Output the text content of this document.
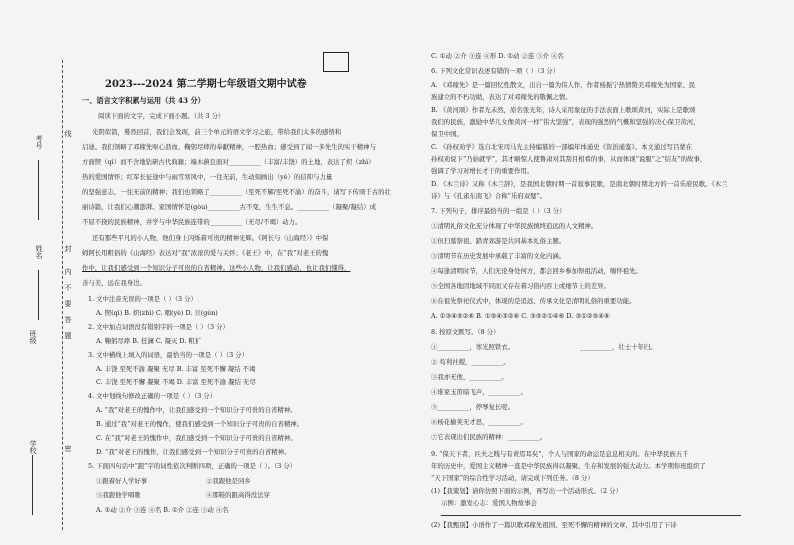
考号
姓名
班级
学校
线
封
内
不
要
答
题
密
2023---2024 第二学期七年级语文期中试卷
一、语言文字积累与运用（共 43 分）
阅读下面的文字，完成下面小题。（共 3 分）
光阴似箭，蓦然回首，我们会发现，前三个单元的语文学习之旅，带给我们太多的感悟和
启迪。我们领略了邓稼先呕心沥血、鞠躬尽瘁的奉献精神，一腔热血；感受到了闻一多先生的实干精神与
方面锲（qì）而不舍地钻研古代典籍；端木蕻良面对__________（丰富/丰饶）的土地，表达了炽（zhì）
热的爱国情怀；红军长征途中与雨雪寒风中，一往无前，生动刻画出（yè）的信仰与力量
的坚强意志，一往无前的精神；我们也领略了__________（至死不解/至死不渝）的奋斗，请写下传颂千古的壮
丽诗篇，让我们心潮澎湃。家国情怀是(gòu)__________古不变，生生不息。__________（凝聚/凝结）成
不屈不挠的民族精神，并学与中华民族连带的__________（无尽/不竭）动力。
还有那些平凡的小人物，他们身上闪烁着可贵的精神光辉。《阿长与〈山海经〉》中保
姆阿长用粗俗的《山海经》表达对“我”浓浓的爱与关怀；《老王》中，在“我”对老王的愧
作中，让我们感受到一个知识分子可贵的自省精神。这些小人物，让我们感动，也让我们懂得，
善与美，远在我身边。
1. 文中注音无误的一项是（ ）（3 分）
A. 锲(qì) B. 炽(zhì) C. 咽(yè) D. 亘(gèn)
2. 文中加点词语没有错别字的一项是（ ）（3 分）
A. 鞠躬尽瘁 B. 狂澜 C. 凝灭 D. 粗犷
3. 文中横线上填入的词语，最恰当的一项是（ ）（3 分）
A. 丰饶 至死不渝 凝聚 无尽 B. 丰富 至死不懈 凝结 不竭
C. 丰饶 至死不懈 凝聚 不竭 D. 丰富 至死不渝 凝结 无尽
4. 文中划线句修改正确的一项是（ ）（3 分）
A. “我”对老王的愧作中，让我们感受到一个知识分子可贵的自省精神。
B. 通过“我”对老王的愧作，使我们感受到一个知识分子可贵的自省精神。
C. 在“我”对老王的愧作中，我们感受到一个知识分子可贵的自省精神。
D. “我”对老王的愧作，让我们感受到一个知识分子可贵的自省精神。
5. 下面四句话中“跟”字的词性依次判断四项，正确的一项是（ ）。（3 分）
①跟着好人学好事	②我跟他是同乡
③我跟他学唱歌	④那鞋的跟高得没法穿
A. ①动 ②介 ③连 ④名 B. ①介 ②连 ③动 ④名
C. ①动 ②介 ③连 ④形 D. ①动 ②连 ③介 ④名
6. 下列文化常识表述有错的一项（ ）（3 分）
A. 《邓稼先》是一篇回忆性散文，出自一篇为伟人作，作者杨振宁热情赞美邓稼先为国家、民
族建立的不朽功勋，表达了对邓稼先的敬佩之情。
B. 《黄河颂》作者光未然，原名张光年，诗人采用象征的手法表面上歌颂黄河，实际上是歌颂
我们的民族，激励中华儿女像黄河一样“伟大坚强”，表现的强烈的气概和坚强的决心保卫黄河，
保卫中国。
C. 《孙权劝学》选自北宋司马光主持编纂的一部编年体通史《资治通鉴》。本文通过写吕蒙在
孙权劝说下“乃始就学”，其才略惊人使鲁肃对其刮目相看的事，从而体现“说服”之“结友”的故事，
强调了学习对增长才干的重要作用。
D. 《木兰诗》又称《木兰辞》，是我国北朝时期一首叙事民歌，是南北朝时期北方的一首乐府民歌。《木兰
诗》与《孔雀东南飞》合称“乐府双璧”。
7. 下列句子，排序最恰当的一组是（ ）（3 分）
①清明礼俗文化充分体现了中华民族慎终追远的人文精神。
②但扫墓祭祖、踏青郊游是共同基本礼俗主题。
③清明节在历史发展中承载了丰富的文化内涵。
④每逢清明时节，人们无论身处何方，都会回乡参加祭祖活动，缅怀祖先。
⑤全国各地因地域不同而又存在着习俗内容上或细节上的差异。
⑥在祖先祭祀仪式中，体现的是追远、传承文化是清明礼俗的重要功能。
A. ①③④⑤②⑥ B. ①⑤④③②⑥ C. ③⑤②①④⑥ D. ③①②⑤④⑥
8. 按原文默写。（8 分）
①__________，寒光照铁衣。	__________，壮士十年归。
② 苟利社稷，__________。
③我亦无他，__________。
④谁家玉笛暗飞声，__________。
⑤__________，停琴复长嗟。
⑥杨花榆荚无才思，__________。
⑦它表现出们民族的精神：__________。
9. “保天下者，匹夫之贱与有责焉耳矣”，个人与国家的命运是息息相关的。在中华民族五千
年的历史中，爱国主义精神一直是中华民族得以凝聚、生存和发展的强大动力。本学期你班组织了
“天下国家”的综合性学习活动，请完成下列任务。（8 分）
(1)【我策划】请你仿照下面的示例，再写出一个活动形式。（2 分）
示例：激发心志：爱国人物故事会
(2)【我甄别】小语作了一篇识歌邓稼先祖国、至死不懈的精神的文章，其中引用了下诗
